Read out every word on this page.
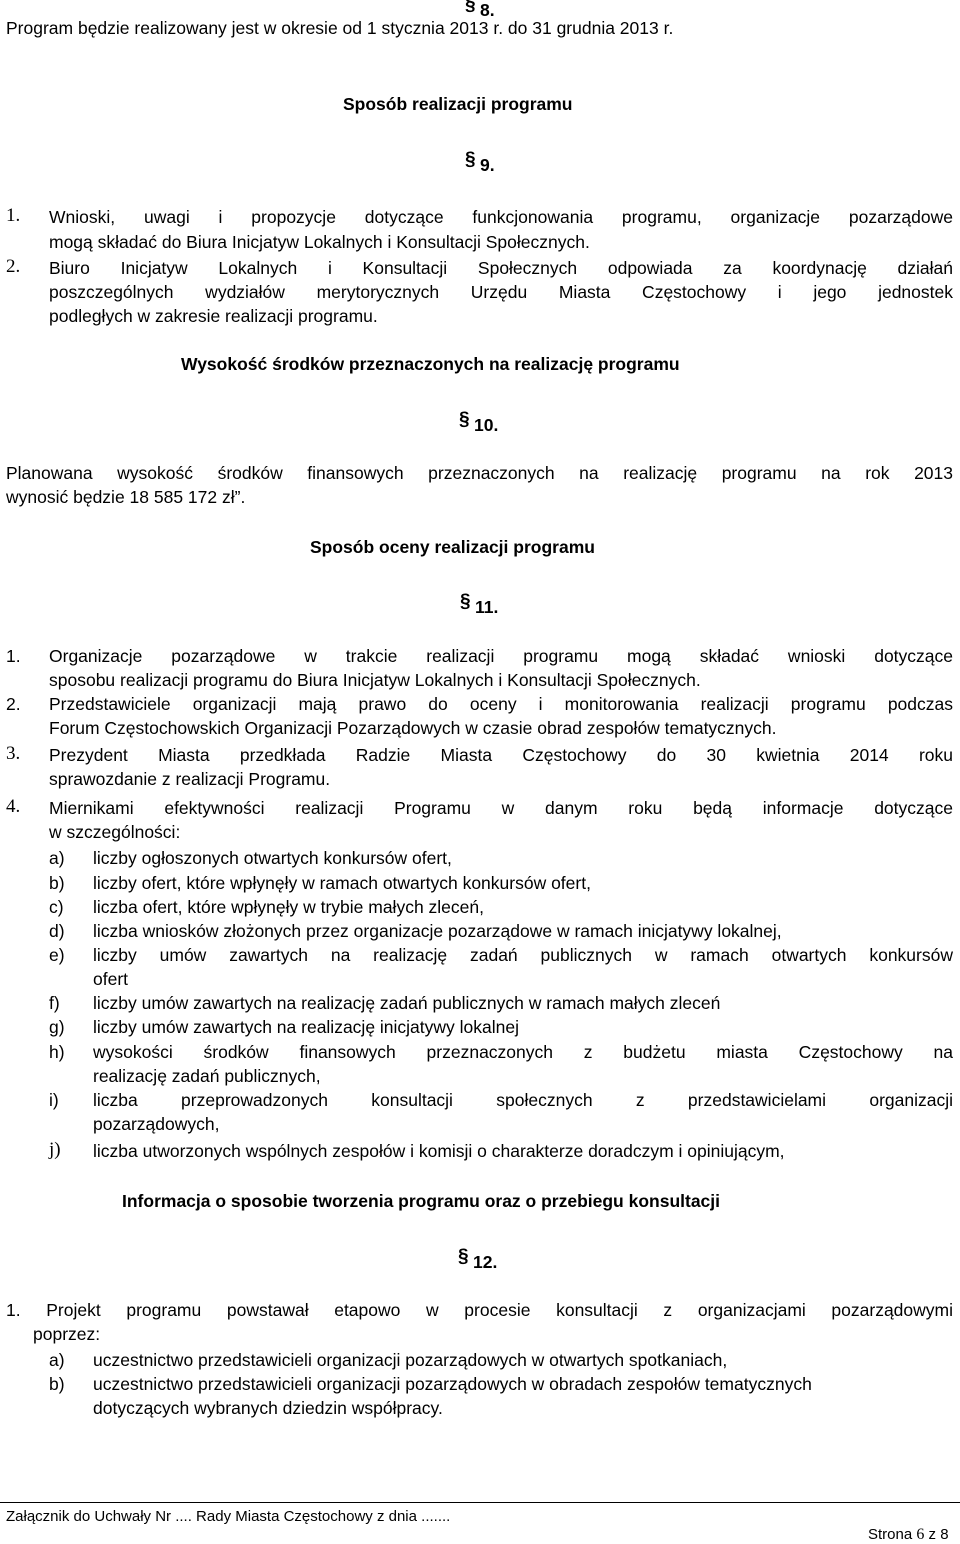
§ 8.
Program będzie realizowany jest w okresie od 1 stycznia 2013 r. do 31 grudnia 2013 r.
Sposób realizacji programu
§ 9.
1. Wnioski, uwagi i propozycje dotyczące funkcjonowania programu, organizacje pozarządowe
mogą składać do Biura Inicjatyw Lokalnych i Konsultacji Społecznych.
2. Biuro Inicjatyw Lokalnych i Konsultacji Społecznych odpowiada za koordynację działań
poszczególnych wydziałów merytorycznych Urzędu Miasta Częstochowy i jego jednostek
podległych w zakresie realizacji programu.
Wysokość środków przeznaczonych na realizację programu
§ 10.
Planowana wysokość środków finansowych przeznaczonych na realizację programu na rok 2013
wynosić będzie 18 585 172 zł”.
Sposób oceny realizacji programu
§ 11.
1. Organizacje pozarządowe w trakcie realizacji programu mogą składać wnioski dotyczące
sposobu realizacji programu do Biura Inicjatyw Lokalnych i Konsultacji Społecznych.
2. Przedstawiciele organizacji mają prawo do oceny i monitorowania realizacji programu podczas
Forum Częstochowskich Organizacji Pozarządowych w czasie obrad zespołów tematycznych.
3. Prezydent Miasta przedkłada Radzie Miasta Częstochowy do 30 kwietnia 2014 roku
sprawozdanie z realizacji Programu.
4. Miernikami efektywności realizacji Programu w danym roku będą informacje dotyczące
w szczególności:
a) liczby ogłoszonych otwartych konkursów ofert,
b) liczby ofert, które wpłynęły w ramach otwartych konkursów ofert,
c) liczba ofert, które wpłynęły w trybie małych zleceń,
d) liczba wniosków złożonych przez organizacje pozarządowe w ramach inicjatywy lokalnej,
e) liczby umów zawartych na realizację zadań publicznych w ramach otwartych konkursów
ofert
f) liczby umów zawartych na realizację zadań publicznych w ramach małych zleceń
g) liczby umów zawartych na realizację inicjatywy lokalnej
h) wysokości środków finansowych przeznaczonych z budżetu miasta Częstochowy na
realizację zadań publicznych,
i) liczba przeprowadzonych konsultacji społecznych z przedstawicielami organizacji
pozarządowych,
j) liczba utworzonych wspólnych zespołów i komisji o charakterze doradczym i opiniującym,
Informacja o sposobie tworzenia programu oraz o przebiegu konsultacji
§ 12.
1. Projekt programu powstawał etapowo w procesie konsultacji z organizacjami pozarządowymi
poprzez:
a) uczestnictwo przedstawicieli organizacji pozarządowych w otwartych spotkaniach,
b) uczestnictwo przedstawicieli organizacji pozarządowych w obradach zespołów tematycznych
dotyczących wybranych dziedzin współpracy.
Załącznik do Uchwały Nr .... Rady Miasta Częstochowy z dnia .......
Strona 6 z 8
